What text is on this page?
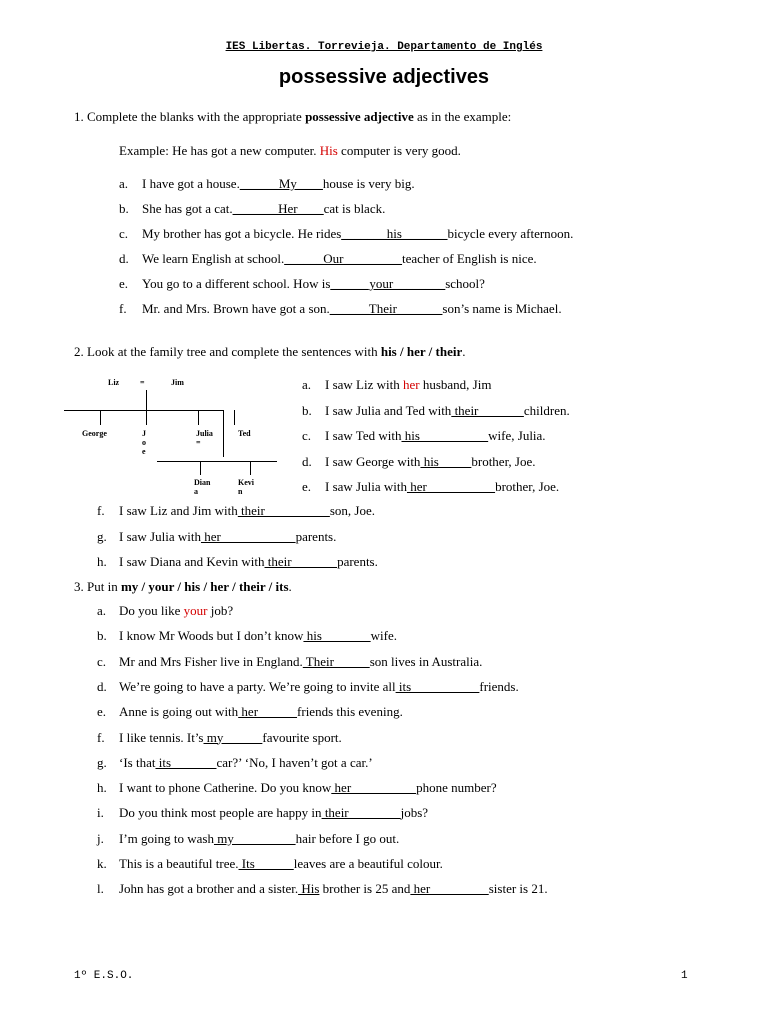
IES Libertas. Torrevieja. Departamento de Inglés
possessive adjectives
1. Complete the blanks with the appropriate possessive adjective as in the example:
Example: He has got a new computer. His computer is very good.
a. I have got a house.______My____house is very big.
b. She has got a cat._______Her____cat is black.
c. My brother has got a bicycle. He rides_______his_______bicycle every afternoon.
d. We learn English at school.______Our_________teacher of English is nice.
e. You go to a different school. How is______your________school?
f. Mr. and Mrs. Brown have got a son.______Their_______son’s name is Michael.
2. Look at the family tree and complete the sentences with his / her / their.
Liz	=	Jim
George	J
o
e
Julia
=
Ted
Dian
a
Kevi
n
a. I saw Liz with her husband, Jim
b. I saw Julia and Ted with their              children.
c. I saw Ted with his                     wife, Julia.
d. I saw George with his          brother, Joe.
e. I saw Julia with her                     brother, Joe.
f. I saw Liz and Jim with their                    son, Joe.
g. I saw Julia with her                       parents.
h. I saw Diana and Kevin with their              parents.
3. Put in my / your / his / her / their / its.
a. Do you like your job?
b. I know Mr Woods but I don’t know his               wife.
c. Mr and Mrs Fisher live in England. Their           son lives in Australia.
d. We’re going to have a party. We’re going to invite all its                     friends.
e. Anne is going out with her            friends this evening.
f. I like tennis. It’s my            favourite sport.
g. ‘Is that its              car?’ ‘No, I haven’t got a car.’
h. I want to phone Catherine. Do you know her                    phone number?
i. Do you think most people are happy in their                jobs?
j. I’m going to wash my                   hair before I go out.
k. This is a beautiful tree. Its            leaves are a beautiful colour.
l. John has got a brother and a sister. His brother is 25 and her                  sister is 21.
1º E.S.O.	1
